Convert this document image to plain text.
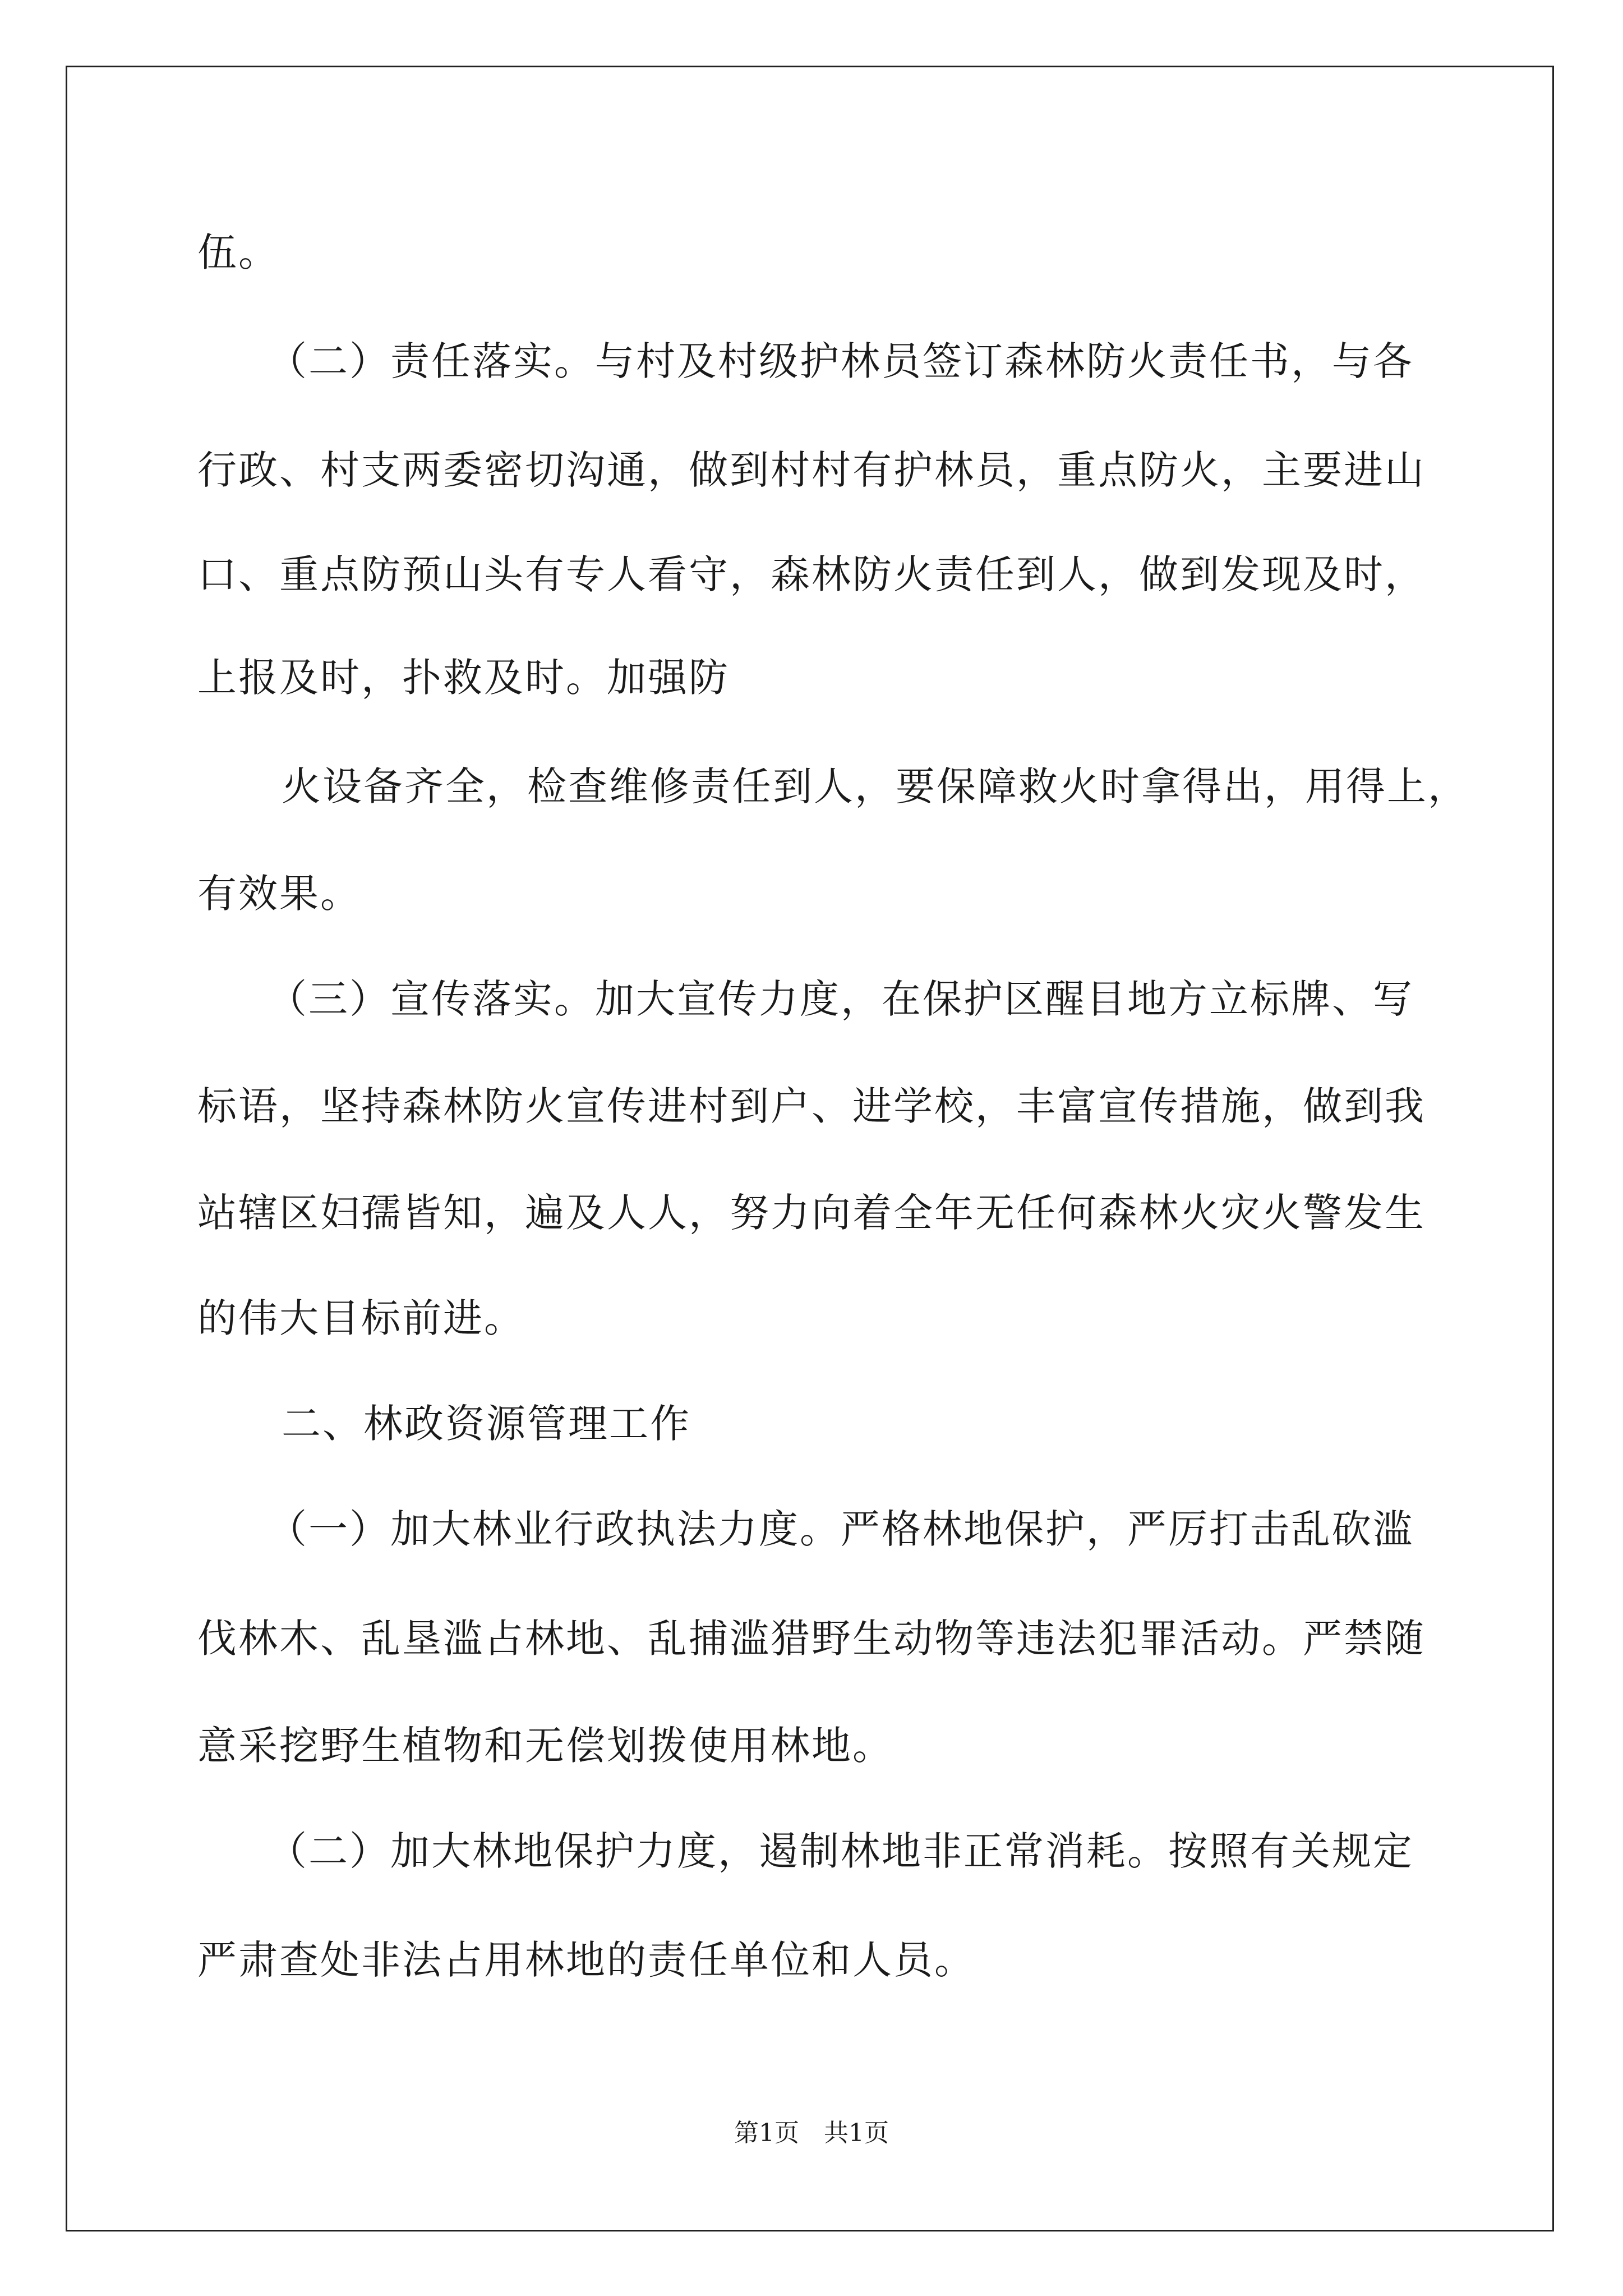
伍。
（二）责任落实。与村及村级护林员签订森林防火责任书，与各
行政、村支两委密切沟通，做到村村有护林员，重点防火，主要进山
口、重点防预山头有专人看守，森林防火责任到人，做到发现及时，
上报及时，扑救及时。加强防
火设备齐全，检查维修责任到人，要保障救火时拿得出，用得上，
有效果。
（三）宣传落实。加大宣传力度，在保护区醒目地方立标牌、写
标语，坚持森林防火宣传进村到户、进学校，丰富宣传措施，做到我
站辖区妇孺皆知，遍及人人，努力向着全年无任何森林火灾火警发生
的伟大目标前进。
二、林政资源管理工作
（一）加大林业行政执法力度。严格林地保护，严厉打击乱砍滥
伐林木、乱垦滥占林地、乱捕滥猎野生动物等违法犯罪活动。严禁随
意采挖野生植物和无偿划拨使用林地。
（二）加大林地保护力度，遏制林地非正常消耗。按照有关规定
严肃查处非法占用林地的责任单位和人员。
第1页　共1页
